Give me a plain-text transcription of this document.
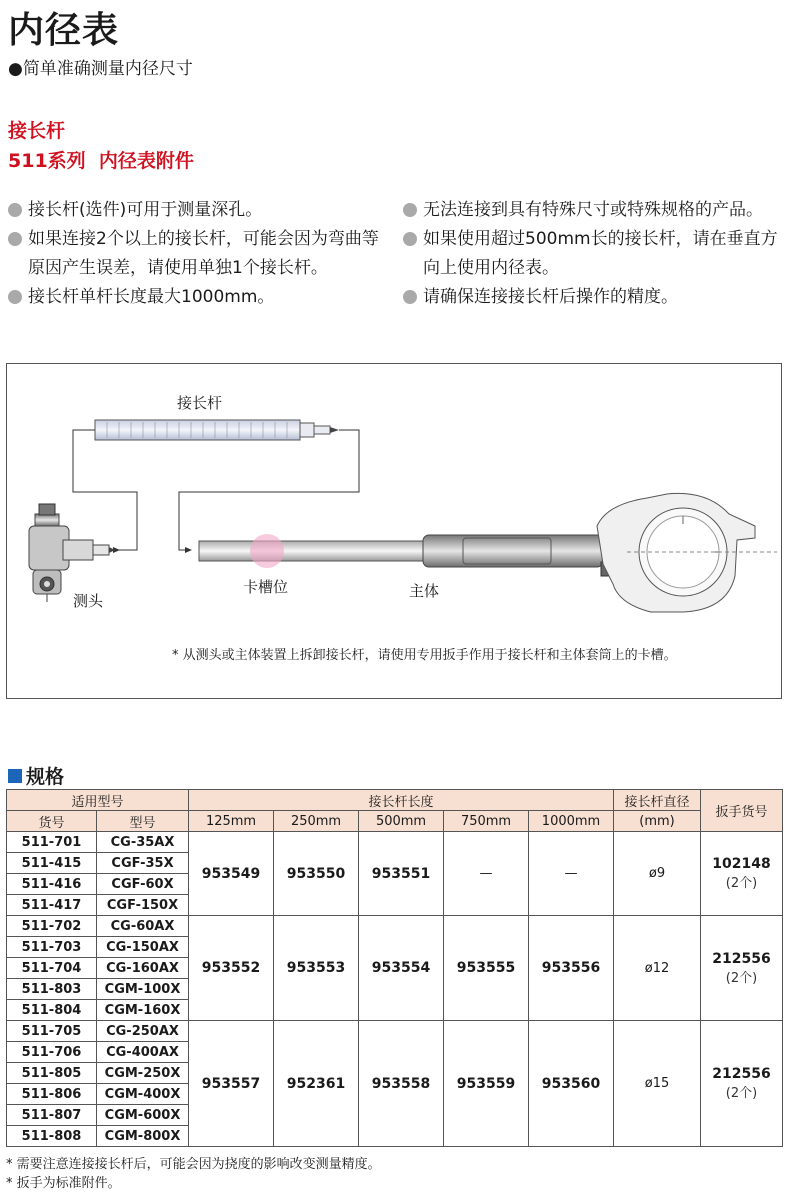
内径表
●简单准确测量内径尺寸
接长杆
511系列  内径表附件
接长杆(选件)可用于测量深孔。
如果连接2个以上的接长杆，可能会因为弯曲等原因产生误差，请使用单独1个接长杆。
接长杆单杆长度最大1000mm。
无法连接到具有特殊尺寸或特殊规格的产品。
如果使用超过500mm长的接长杆，请在垂直方向上使用内径表。
请确保连接接长杆后操作的精度。
接长杆
测头
卡槽位	主体
* 从测头或主体装置上拆卸接长杆，请使用专用扳手作用于接长杆和主体套筒上的卡槽。
规格
适用型号		接长杆长度					接长杆直径	扳手货号
货号	型号	125mm	250mm	500mm	750mm	1000mm	(mm)	
511-701	CG-35AX	953549	953550	953551	—	—	ø9	102148
(2个)

511-415	CGF-35X							
511-416	CGF-60X							
511-417	CGF-150X							
511-702	CG-60AX	953552	953553	953554	953555	953556	ø12	212556
(2个)

511-703	CG-150AX							
511-704	CG-160AX							
511-803	CGM-100X							
511-804	CGM-160X							
511-705	CG-250AX	953557	952361	953558	953559	953560	ø15	212556
(2个)

511-706	CG-400AX							
511-805	CGM-250X							
511-806	CGM-400X							
511-807	CGM-600X							
511-808	CGM-800X							
* 需要注意连接接长杆后，可能会因为挠度的影响改变测量精度。
* 扳手为标准附件。
